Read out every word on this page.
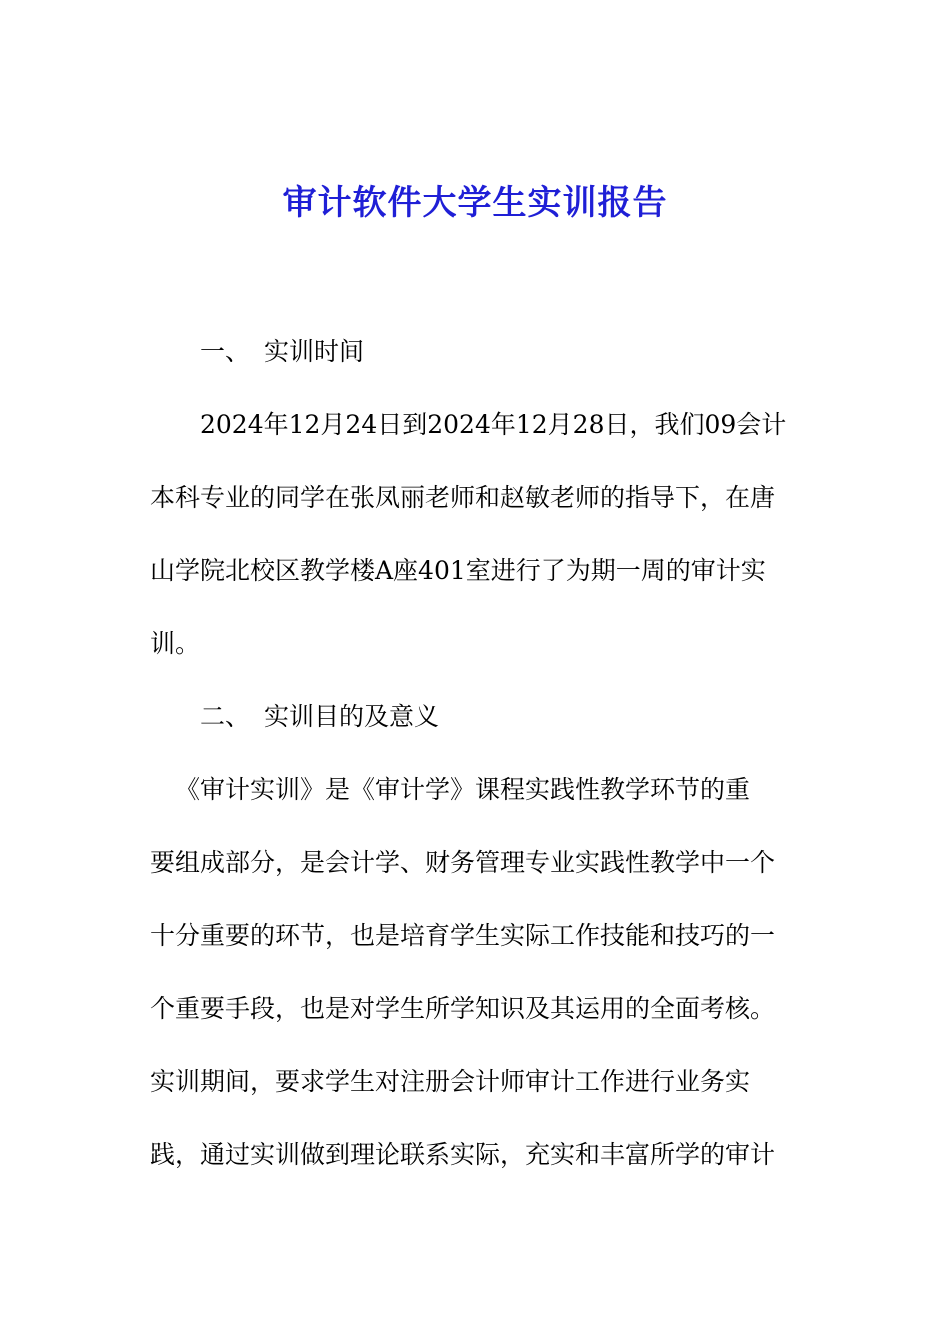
审计软件大学生实训报告
一、 实训时间
2024年12月24日到2024年12月28日，我们09会计
本科专业的同学在张凤丽老师和赵敏老师的指导下，在唐
山学院北校区教学楼A座401室进行了为期一周的审计实
训。
二、 实训目的及意义
《审计实训》是《审计学》课程实践性教学环节的重
要组成部分，是会计学、财务管理专业实践性教学中一个
十分重要的环节，也是培育学生实际工作技能和技巧的一
个重要手段，也是对学生所学知识及其运用的全面考核。
实训期间，要求学生对注册会计师审计工作进行业务实
践，通过实训做到理论联系实际，充实和丰富所学的审计
